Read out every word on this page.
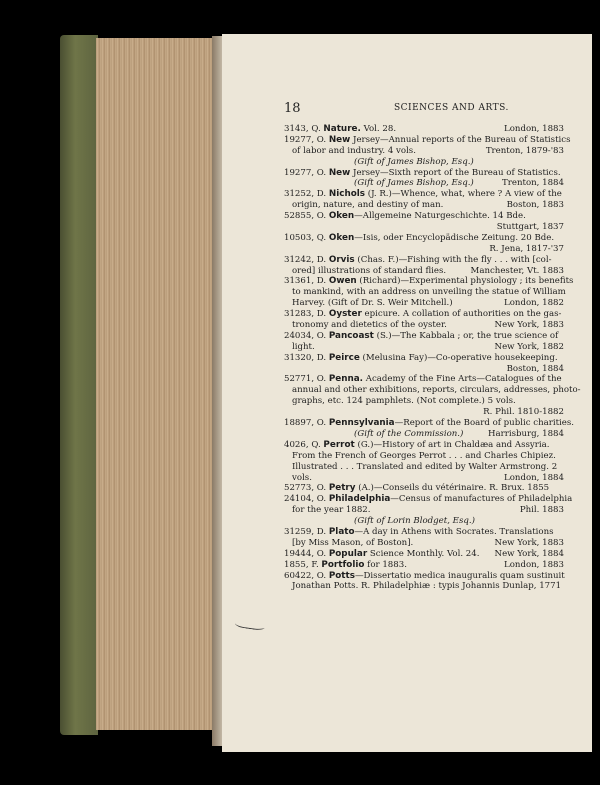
18	SCIENCES AND ARTS.
3143, Q. Nature. Vol. 28.	London, 1883
19277, O. New Jersey—Annual reports of the Bureau of Statistics
of labor and industry. 4 vols.	Trenton, 1879-'83
(Gift of James Bishop, Esq.)
19277, O. New Jersey—Sixth report of the Bureau of Statistics.
(Gift of James Bishop, Esq.)	Trenton, 1884
31252, D. Nichols (J. R.)—Whence, what, where ? A view of the
origin, nature, and destiny of man.	Boston, 1883
52855, O. Oken—Allgemeine Naturgeschichte. 14 Bde.
Stuttgart, 1837
10503, Q. Oken—Isis, oder Encyclopädische Zeitung. 20 Bde.
R. Jena, 1817-'37
31242, D. Orvis (Chas. F.)—Fishing with the fly . . . with [col-
ored] illustrations of standard flies.	Manchester, Vt. 1883
31361, D. Owen (Richard)—Experimental physiology ; its benefits
to mankind, with an address on unveiling the statue of William
Harvey. (Gift of Dr. S. Weir Mitchell.)	London, 1882
31283, D. Oyster epicure. A collation of authorities on the gas-
tronomy and dietetics of the oyster.	New York, 1883
24034, O. Pancoast (S.)—The Kabbala ; or, the true science of
light.	New York, 1882
31320, D. Peirce (Melusina Fay)—Co-operative housekeeping.
Boston, 1884
52771, O. Penna. Academy of the Fine Arts—Catalogues of the
annual and other exhibitions, reports, circulars, addresses, photo-
graphs, etc. 124 pamphlets. (Not complete.) 5 vols.
R. Phil. 1810-1882
18897, O. Pennsylvania—Report of the Board of public charities.
(Gift of the Commission.)	Harrisburg, 1884
4026, Q. Perrot (G.)—History of art in Chaldæa and Assyria.
From the French of Georges Perrot . . . and Charles Chipiez.
Illustrated . . . Translated and edited by Walter Armstrong. 2
vols.	London, 1884
52773, O. Petry (A.)—Conseils du vétérinaire. R. Brux. 1855
24104, O. Philadelphia—Census of manufactures of Philadelphia
for the year 1882.	Phil. 1883
(Gift of Lorin Blodget, Esq.)
31259, D. Plato—A day in Athens with Socrates. Translations
[by Miss Mason, of Boston].	New York, 1883
19444, O. Popular Science Monthly. Vol. 24. New York, 1884
1855, F. Portfolio for 1883.	London, 1883
60422, O. Potts—Dissertatio medica inauguralis quam sustinuit
Jonathan Potts. R. Philadelphiæ : typis Johannis Dunlap, 1771
